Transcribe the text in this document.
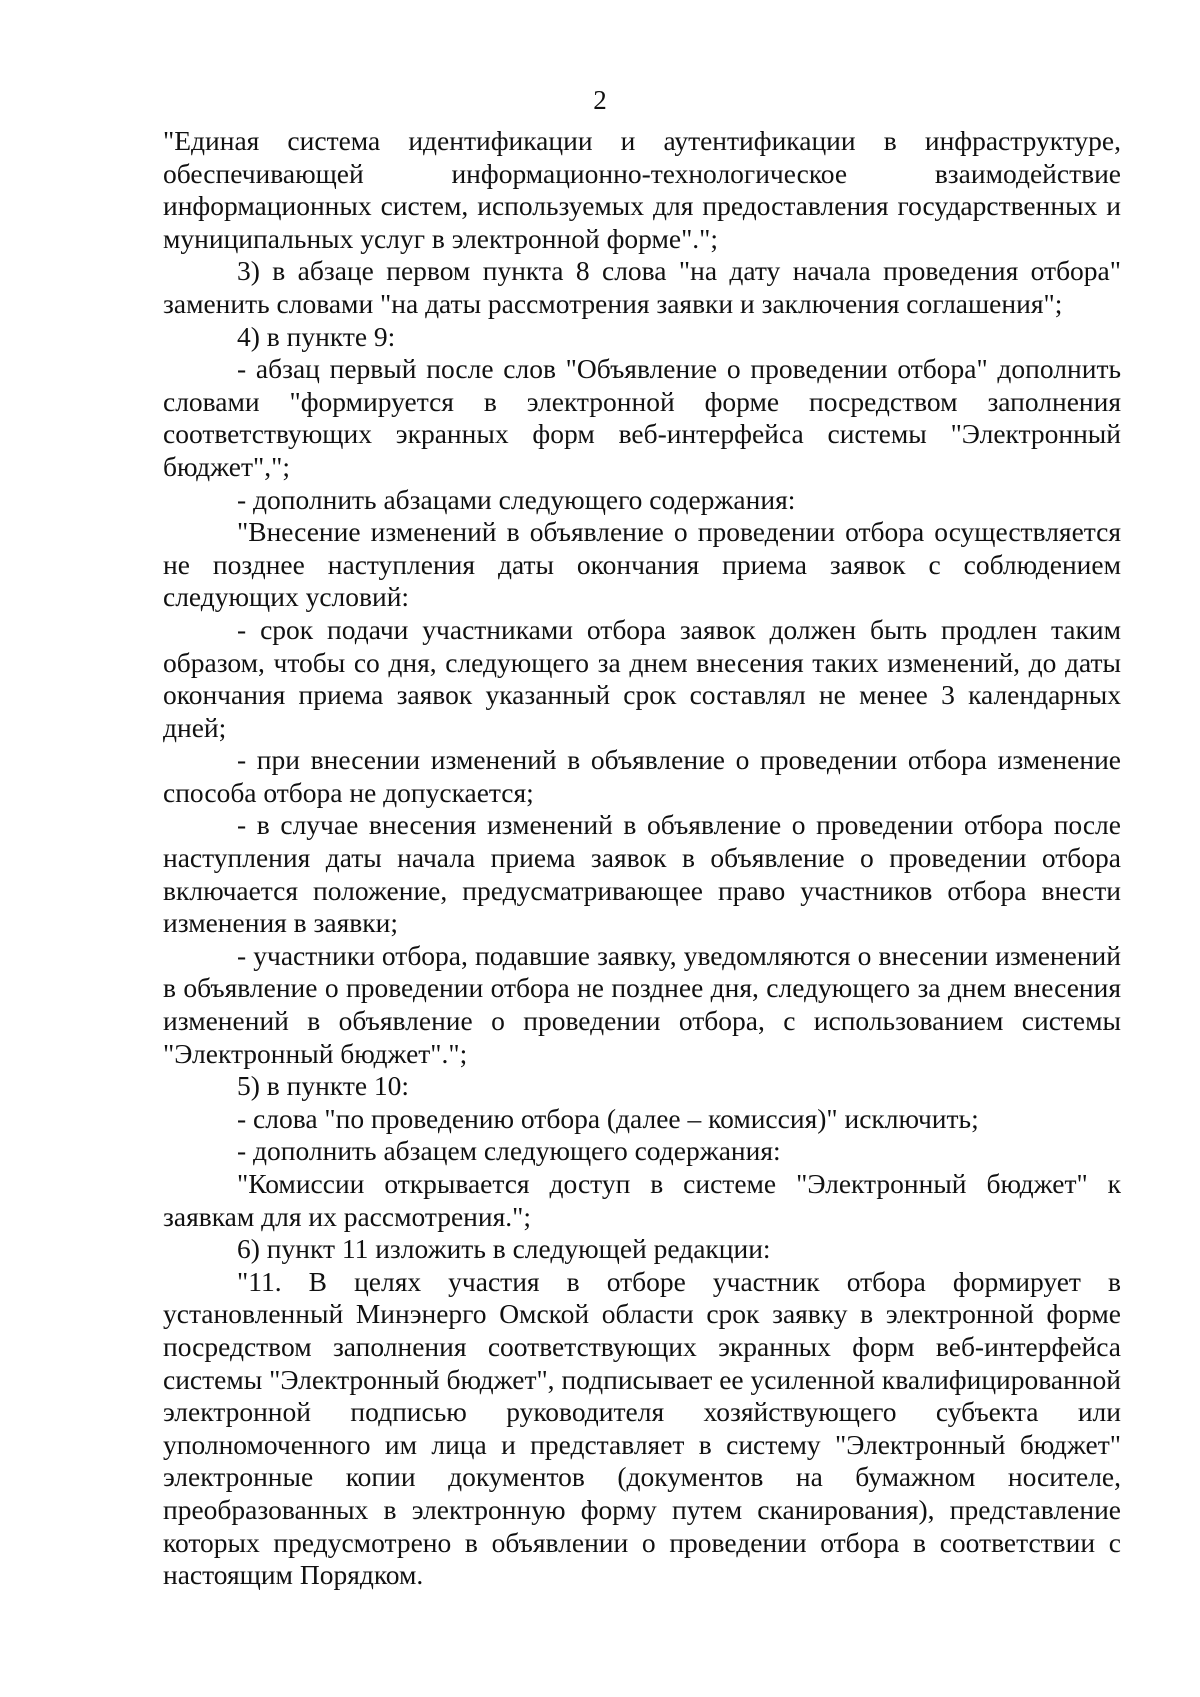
2

"Единая система идентификации и аутентификации в инфраструктуре, обеспечивающей информационно-технологическое взаимодействие информационных систем, используемых для предоставления государственных и муниципальных услуг в электронной форме".";

3) в абзаце первом пункта 8 слова "на дату начала проведения отбора" заменить словами "на даты рассмотрения заявки и заключения соглашения";

4) в пункте 9:

- абзац первый после слов "Объявление о проведении отбора" дополнить словами "формируется в электронной форме посредством заполнения соответствующих экранных форм веб-интерфейса системы "Электронный бюджет",";

- дополнить абзацами следующего содержания:

"Внесение изменений в объявление о проведении отбора осуществляется не позднее наступления даты окончания приема заявок с соблюдением следующих условий:

- срок подачи участниками отбора заявок должен быть продлен таким образом, чтобы со дня, следующего за днем внесения таких изменений, до даты окончания приема заявок указанный срок составлял не менее 3 календарных дней;

- при внесении изменений в объявление о проведении отбора изменение способа отбора не допускается;

- в случае внесения изменений в объявление о проведении отбора после наступления даты начала приема заявок в объявление о проведении отбора включается положение, предусматривающее право участников отбора внести изменения в заявки;

- участники отбора, подавшие заявку, уведомляются о внесении изменений в объявление о проведении отбора не позднее дня, следующего за днем внесения изменений в объявление о проведении отбора, с использованием системы "Электронный бюджет".";

5) в пункте 10:

- слова "по проведению отбора (далее – комиссия)" исключить;

- дополнить абзацем следующего содержания:

"Комиссии открывается доступ в системе "Электронный бюджет" к заявкам для их рассмотрения.";

6) пункт 11 изложить в следующей редакции:

"11. В целях участия в отборе участник отбора формирует в установленный Минэнерго Омской области срок заявку в электронной форме посредством заполнения соответствующих экранных форм веб-интерфейса системы "Электронный бюджет", подписывает ее усиленной квалифицированной электронной подписью руководителя хозяйствующего субъекта или уполномоченного им лица и представляет в систему "Электронный бюджет" электронные копии документов (документов на бумажном носителе, преобразованных в электронную форму путем сканирования), представление которых предусмотрено в объявлении о проведении отбора в соответствии с настоящим Порядком.
